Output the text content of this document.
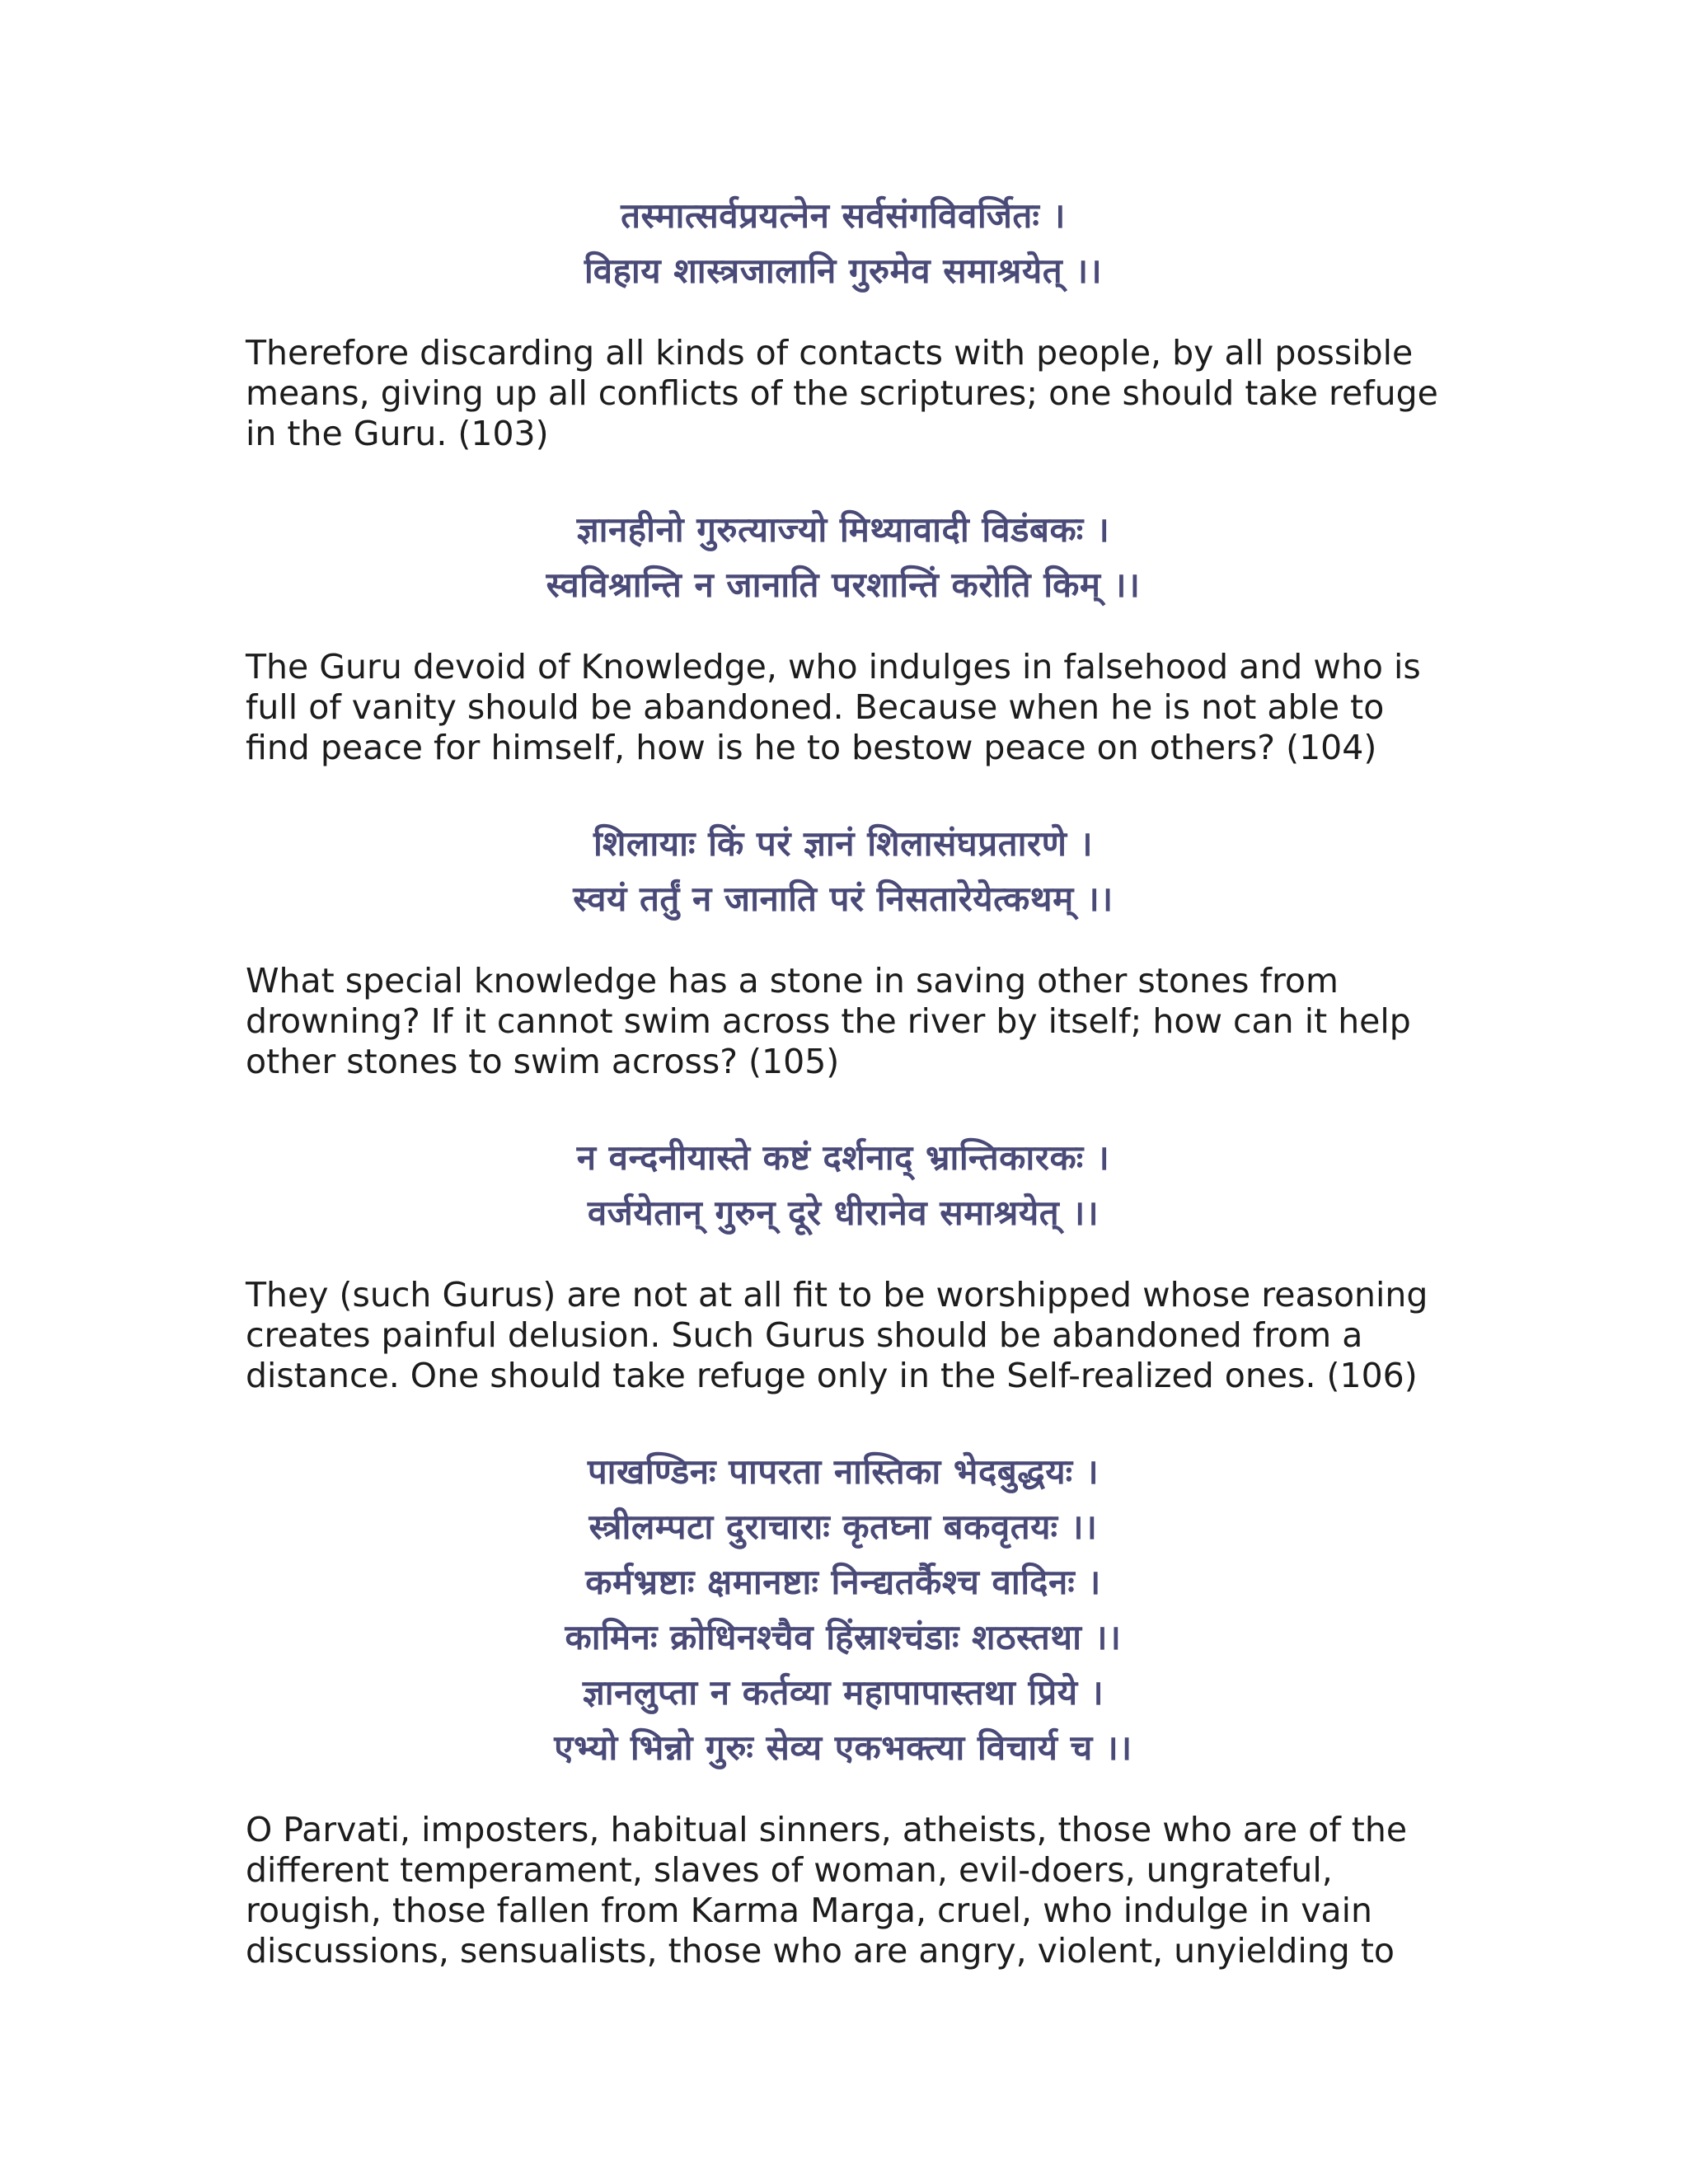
तस्मात्सर्वप्रयत्नेन सर्वसंगविवर्जितः ।
विहाय शास्त्रजालानि गुरुमेव समाश्रयेत् ।।

Therefore discarding all kinds of contacts with people, by all possible
means, giving up all conflicts of the scriptures; one should take refuge
in the Guru. (103)

ज्ञानहीनो गुरुत्याज्यो मिथ्यावादी विडंबकः ।
स्वविश्रान्ति न जानाति परशान्तिं करोति किम् ।।

The Guru devoid of Knowledge, who indulges in falsehood and who is
full of vanity should be abandoned. Because when he is not able to
find peace for himself, how is he to bestow peace on others? (104)

शिलायाः किं परं ज्ञानं शिलासंघप्रतारणे ।
स्वयं तर्तुं न जानाति परं निसतारेयेत्कथम् ।।

What special knowledge has a stone in saving other stones from
drowning? If it cannot swim across the river by itself; how can it help
other stones to swim across? (105)

न वन्दनीयास्ते कष्टं दर्शनाद् भ्रान्तिकारकः ।
वर्जयेतान् गुरुन् दूरे धीरानेव समाश्रयेत् ।।

They (such Gurus) are not at all fit to be worshipped whose reasoning
creates painful delusion. Such Gurus should be abandoned from a
distance. One should take refuge only in the Self-realized ones. (106)

पाखण्डिनः पापरता नास्तिका भेदबुद्धयः ।
स्त्रीलम्पटा दुराचाराः कृतघ्ना बकवृतयः ।।
कर्मभ्रष्टाः क्षमानष्टाः निन्द्यतर्कैश्च वादिनः ।
कामिनः क्रोधिनश्चैव हिंस्राश्चंडाः शठस्तथा ।।
ज्ञानलुप्ता न कर्तव्या महापापास्तथा प्रिये ।
एभ्यो भिन्नो गुरुः सेव्य एकभक्त्या विचार्य च ।।

O Parvati, imposters, habitual sinners, atheists, those who are of the
different temperament, slaves of woman, evil-doers, ungrateful,
rougish, those fallen from Karma Marga, cruel, who indulge in vain
discussions, sensualists, those who are angry, violent, unyielding to
